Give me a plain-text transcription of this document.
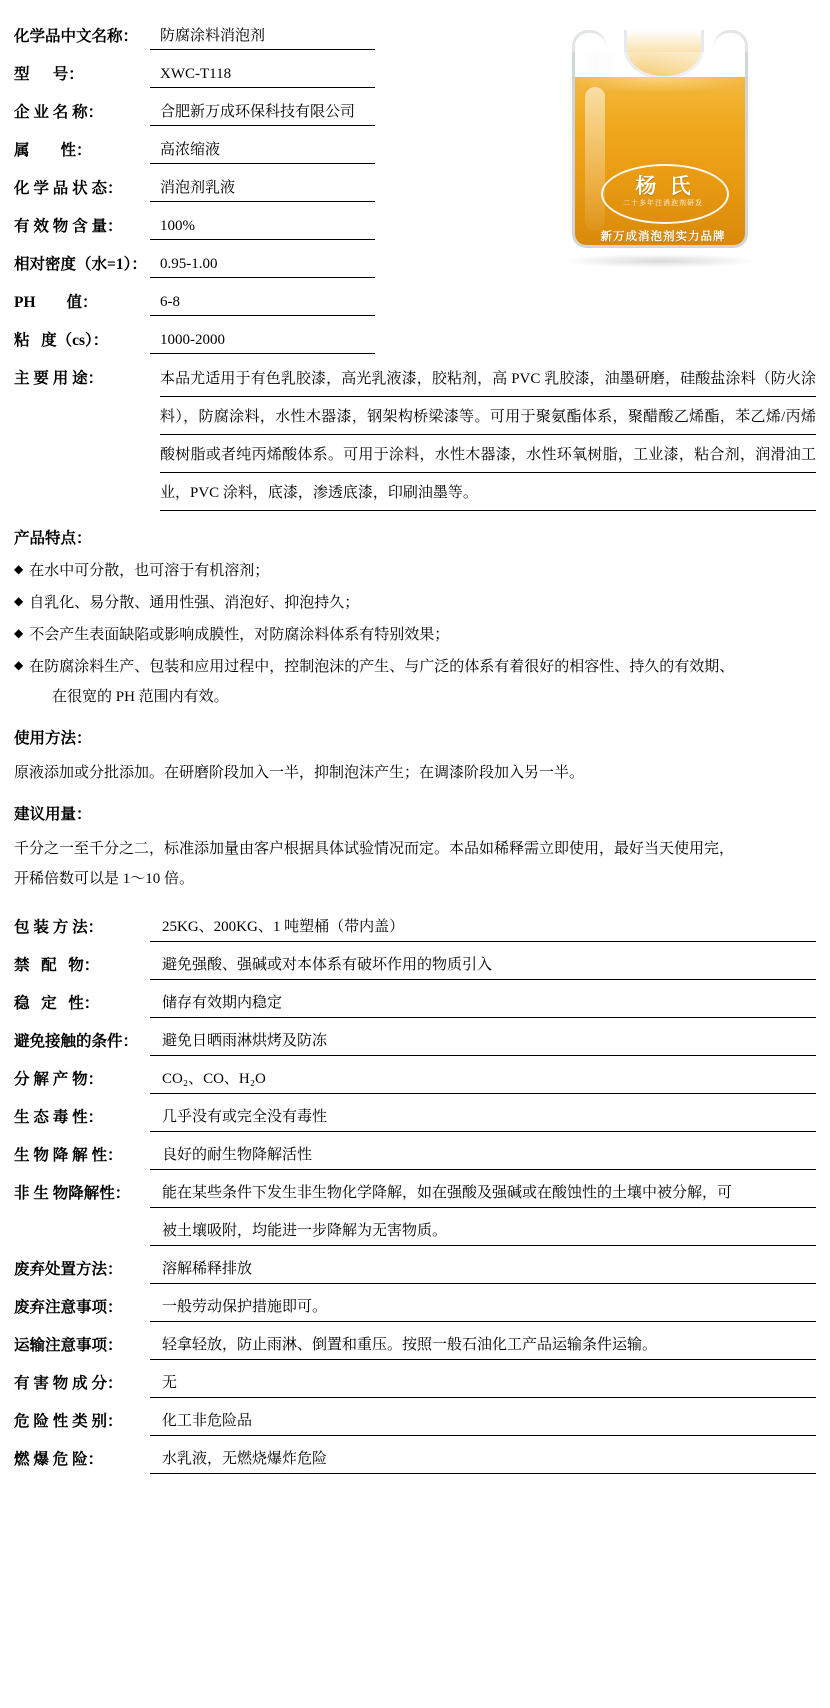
杨 氏
二十多年注消泡剂研发
新万成消泡剂实力品牌
化学品中文名称：	防腐涂料消泡剂
型      号：	XWC-T118
企 业 名 称：	合肥新万成环保科技有限公司
属        性：	高浓缩液
化 学 品 状 态：	消泡剂乳液
有 效 物 含 量：	100%
相对密度（水=1）： 0.95-1.00
PH        值：	6-8
粘   度（cs）：	1000-2000
主 要 用 途：	本品尤适用于有色乳胶漆，高光乳液漆，胶粘剂，高 PVC 乳胶漆，油墨研磨，硅酸盐涂料（防火涂料），防腐涂料，水性木器漆，钢架构桥梁漆等。可用于聚氨酯体系，聚醋酸乙烯酯，苯乙烯/丙烯酸树脂或者纯丙烯酸体系。可用于涂料，水性木器漆，水性环氧树脂，工业漆，粘合剂，润滑油工业，PVC 涂料，底漆，渗透底漆，印刷油墨等。
产品特点：
◆ 在水中可分散，也可溶于有机溶剂；
◆ 自乳化、易分散、通用性强、消泡好、抑泡持久；
◆ 不会产生表面缺陷或影响成膜性，对防腐涂料体系有特别效果；
◆ 在防腐涂料生产、包装和应用过程中，控制泡沫的产生、与广泛的体系有着很好的相容性、持久的有效期、
在很宽的 PH 范围内有效。
使用方法：
原液添加或分批添加。在研磨阶段加入一半，抑制泡沫产生；在调漆阶段加入另一半。
建议用量：
千分之一至千分之二，标准添加量由客户根据具体试验情况而定。本品如稀释需立即使用，最好当天使用完，
开稀倍数可以是 1～10 倍。
包 装 方 法：	25KG、200KG、1 吨塑桶（带内盖）
禁   配   物：	避免强酸、强碱或对本体系有破坏作用的物质引入
稳   定   性：	储存有效期内稳定
避免接触的条件：	避免日晒雨淋烘烤及防冻
分 解 产 物：	CO₂、CO、H₂O
生 态 毒 性：	几乎没有或完全没有毒性
生 物 降 解 性：	良好的耐生物降解活性
非 生 物降解性：	能在某些条件下发生非生物化学降解，如在强酸及强碱或在酸蚀性的土壤中被分解，可
被土壤吸附，均能进一步降解为无害物质。
废弃处置方法：	溶解稀释排放
废弃注意事项：	一般劳动保护措施即可。
运输注意事项：	轻拿轻放，防止雨淋、倒置和重压。按照一般石油化工产品运输条件运输。
有 害 物 成 分：	无
危 险 性 类 别：	化工非危险品
燃 爆 危 险：	水乳液，无燃烧爆炸危险
